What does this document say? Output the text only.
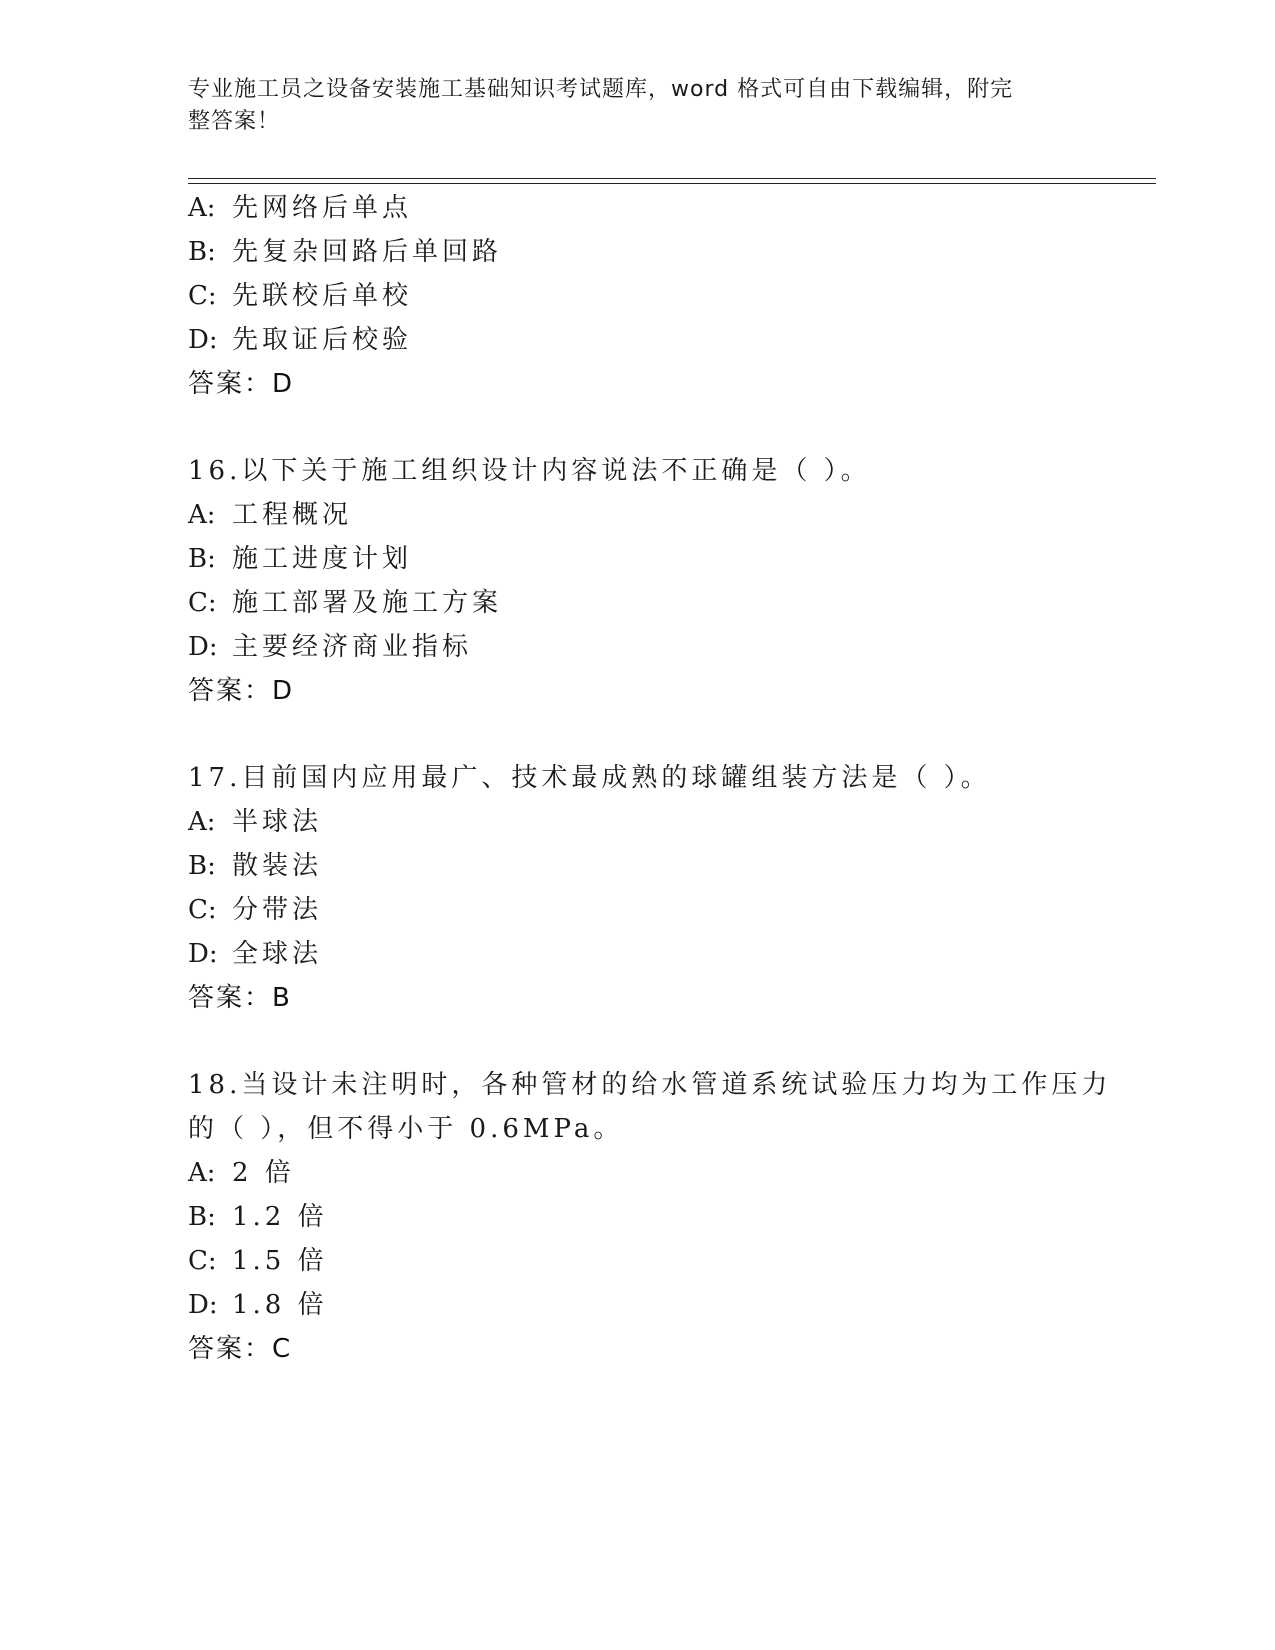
专业施工员之设备安装施工基础知识考试题库，word 格式可自由下载编辑，附完
整答案！
A: 先网络后单点
B: 先复杂回路后单回路
C: 先联校后单校
D: 先取证后校验
答案：D
16.以下关于施工组织设计内容说法不正确是（ ）。
A: 工程概况
B: 施工进度计划
C: 施工部署及施工方案
D: 主要经济商业指标
答案：D
17.目前国内应用最广、技术最成熟的球罐组装方法是（ ）。
A: 半球法
B: 散装法
C: 分带法
D: 全球法
答案：B
18.当设计未注明时，各种管材的给水管道系统试验压力均为工作压力
的（ ），但不得小于 0.6MPa。
A: 2 倍
B: 1.2 倍
C: 1.5 倍
D: 1.8 倍
答案：C
